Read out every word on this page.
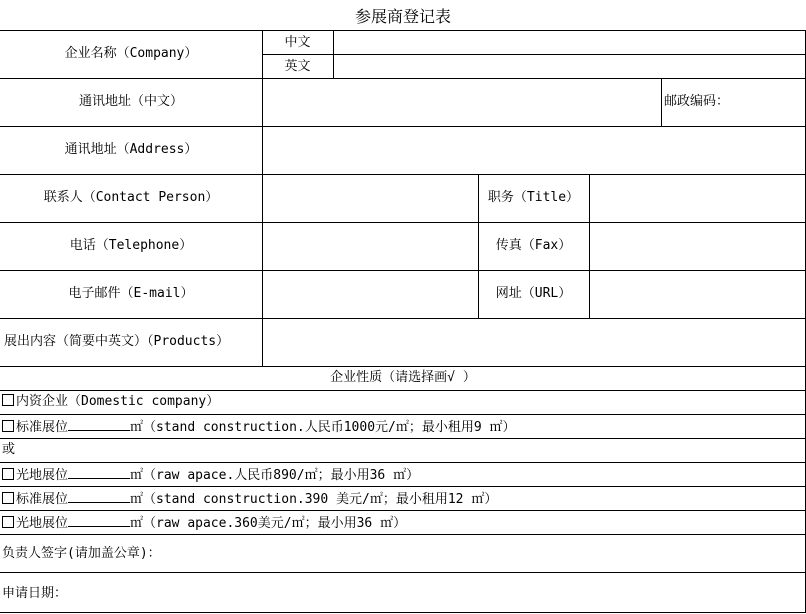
参展商登记表
企业名称（Company）
中文
英文
通讯地址（中文）	邮政编码：
通讯地址（Address）
联系人（Contact Person）	职务（Title）
电话（Telephone）	传真（Fax）
电子邮件（E-mail）	网址（URL）
展出内容（简要中英文）（Products）
企业性质（请选择画√ ）
内资企业（Domestic company）
标准展位	㎡（stand construction.人民币1000元/㎡；最小租用9 ㎡）
或
光地展位	㎡（raw apace.人民币890/㎡；最小用36 ㎡）
标准展位	㎡（stand construction.390 美元/㎡；最小租用12 ㎡）
光地展位	㎡（raw apace.360美元/㎡；最小用36 ㎡）
负责人签字(请加盖公章)：
申请日期：
